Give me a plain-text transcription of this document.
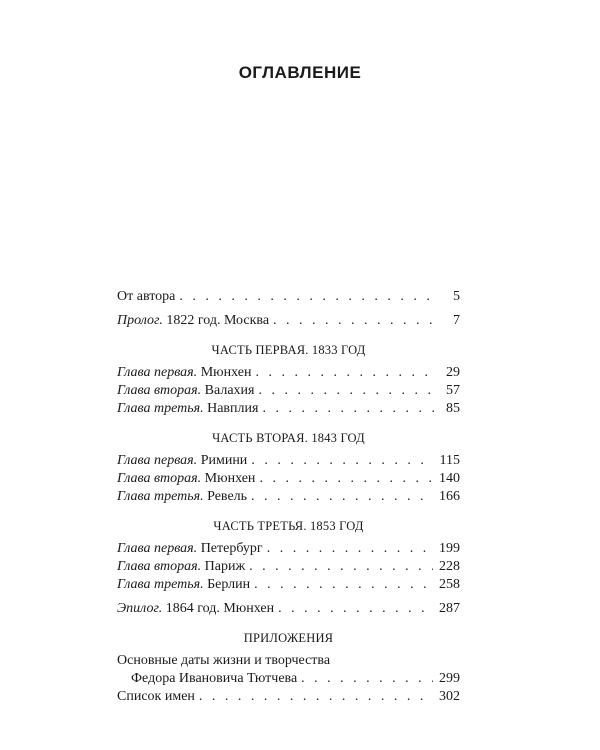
ОГЛАВЛЕНИЕ
От автора . . .	5
Пролог. 1822 год. Москва . . .	7
ЧАСТЬ ПЕРВАЯ. 1833 ГОД
Глава первая. Мюнхен . . .	29
Глава вторая. Валахия . . .	57
Глава третья. Навплия . . .	85
ЧАСТЬ ВТОРАЯ. 1843 ГОД
Глава первая. Римини . . .	115
Глава вторая. Мюнхен . . .	140
Глава третья. Ревель . . .	166
ЧАСТЬ ТРЕТЬЯ. 1853 ГОД
Глава первая. Петербург . . .	199
Глава вторая. Париж . . .	228
Глава третья. Берлин . . .	258
Эпилог. 1864 год. Мюнхен . . .	287
ПРИЛОЖЕНИЯ
Основные даты жизни и творчества
Федора Ивановича Тютчева . . .	299
Список имен . . .	302
